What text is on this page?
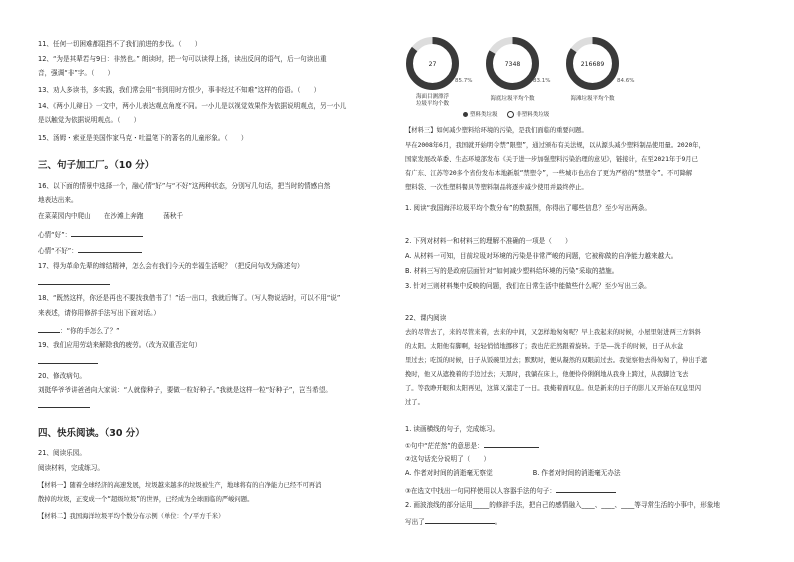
11、任何一切困难都阻挡不了我们前进的步伐。（　　）
12、“为是其辈若与9日：非然也。” 朗读时，把一句可以读得上扬，读出反问的语气，后一句读出重
音，强调“非”字。（　　）
13、劝人多读书，多实践，我们常会用“书到用时方恨少，事非经过不知难”这样的俗语。（　　）
14、《两小儿辩日》一文中，两小儿表达观点角度不同。一小儿是以视觉效果作为依据说明观点，另一小儿
是以触觉为依据说明观点。（　　）
15、汤姆・索亚是美国作家马克・吐温笔下的著名的儿童形象。（　　）
三、句子加工厂。（10 分）
16、以下面的情景中选择一个，融心情“好”与“不好”这两种状态，分别写几句话，把当时的情感自然
地表达出来。
在菜菜园内中爬山　　在沙滩上奔跑　　　荡秋千
心情“好”：
心情“不好”：
17、得为革命先辈的缔结精神，怎么会有我们今天的幸福生活呢？（把反问句改为陈述句）
18、“既然这样，你还是再也不要找我借书了！”话一出口，我就后悔了。（写人物说话时，可以不用“说”
来表述，请你用修辞手法写出下面对话。）
：“你的手怎么了？”
19、我们应用劳动来解除我的疲劳。（改为双重否定句）
20、修改病句。
刘挺华爷爷讲爸爸向大家说：“人就像种子，要做一粒好种子。”我就是这样一粒“好种子”，岂当希望。
四、快乐阅读。（30 分）
21、阅读乐园。
阅读材料，完成练习。
【材料一】随着全球经济的高速发展，垃圾越来越多的垃圾被生产，地球将有的自净能力已经不可再消
散掉的垃圾，正变成一个“超级垃圾”的世界，已经成为全球面临的严峻问题。
【材料二】我国海洋垃圾平均个数分布示例（单位：个/平方千米）
27
85.7%
海面目测漂浮
垃圾平均个数
7348
83.1%
海底垃圾平均个数
216689
84.6%
海滩垃圾平均个数
塑料类垃圾	非塑料类垃圾
【材料三】如何减少塑料给环境的污染，是我们面临的重要问题。
早在2008年6月，我国就开始明令禁“限塑”，通过颁布有关法规，以从源头减少塑料制品使用量。2020年，
国家发展改革委、生态环境部发布《关于进一步加强塑料污染治理的意见》，链接计，在至2021年于9月已
有广东、江苏等20多个省份发布本地新版“禁塑令”，一些城市也出台了更为严格的“禁塑令”。不可降解
塑料袋、一次性塑料餐具等塑料制品将逐步减少使用并最终停止。
1. 阅读“我国海洋垃圾平均个数分布”的数据图，你得出了哪些信息？至少写出两条。
2. 下列对材料一和材料三的理解不准确的一项是（　　）
A. 从材料一可知，目前垃圾对环境的污染是非常严峻的问题，它被称做的自净能力越来越大。
B. 材料三写的是政府层面针对“如何减少塑料给环境的污染”采取的措施。
3. 针对三则材料集中反映的问题，我们在日常生活中能做些什么呢？至少写出三条。
22、课内阅读
去的尽管去了，来的尽管来着，去来的中间，又怎样地匆匆呢？早上我起来的时候，小屋里射进两三方斜斜
的太阳。太阳他有脚啊，轻轻悄悄地挪移了；我也茫茫然跟着旋转。于是——洗手的时候，日子从水盆
里过去；吃饭的时候，日子从饭碗里过去；默默时，便从凝然的双眼前过去。我觉察他去得匆匆了，伸出手遮
挽时，他又从遮挽着的手边过去；天黑时，我躺在床上，他便伶伶俐俐地从我身上跨过，从我脚边飞去
了。等我睁开眼和太阳再见，这算又溜走了一日。我掩着面叹息。但是新来的日子的影儿又开始在叹息里闪
过了。
1. 读画横线的句子，完成练习。
①句中“茫茫然”的意思是：
②这句话充分说明了（　　）
A. 作者对时间的消逝毫无察觉	B. 作者对时间的消逝毫无办法
③在选文中找出一句同样使用以人容器手法的句子：
2. 画波浪线的部分运用_____的修辞手法，把自己的感情融入____、____、____等寻常生活的小事中，形象地
写出了	。
